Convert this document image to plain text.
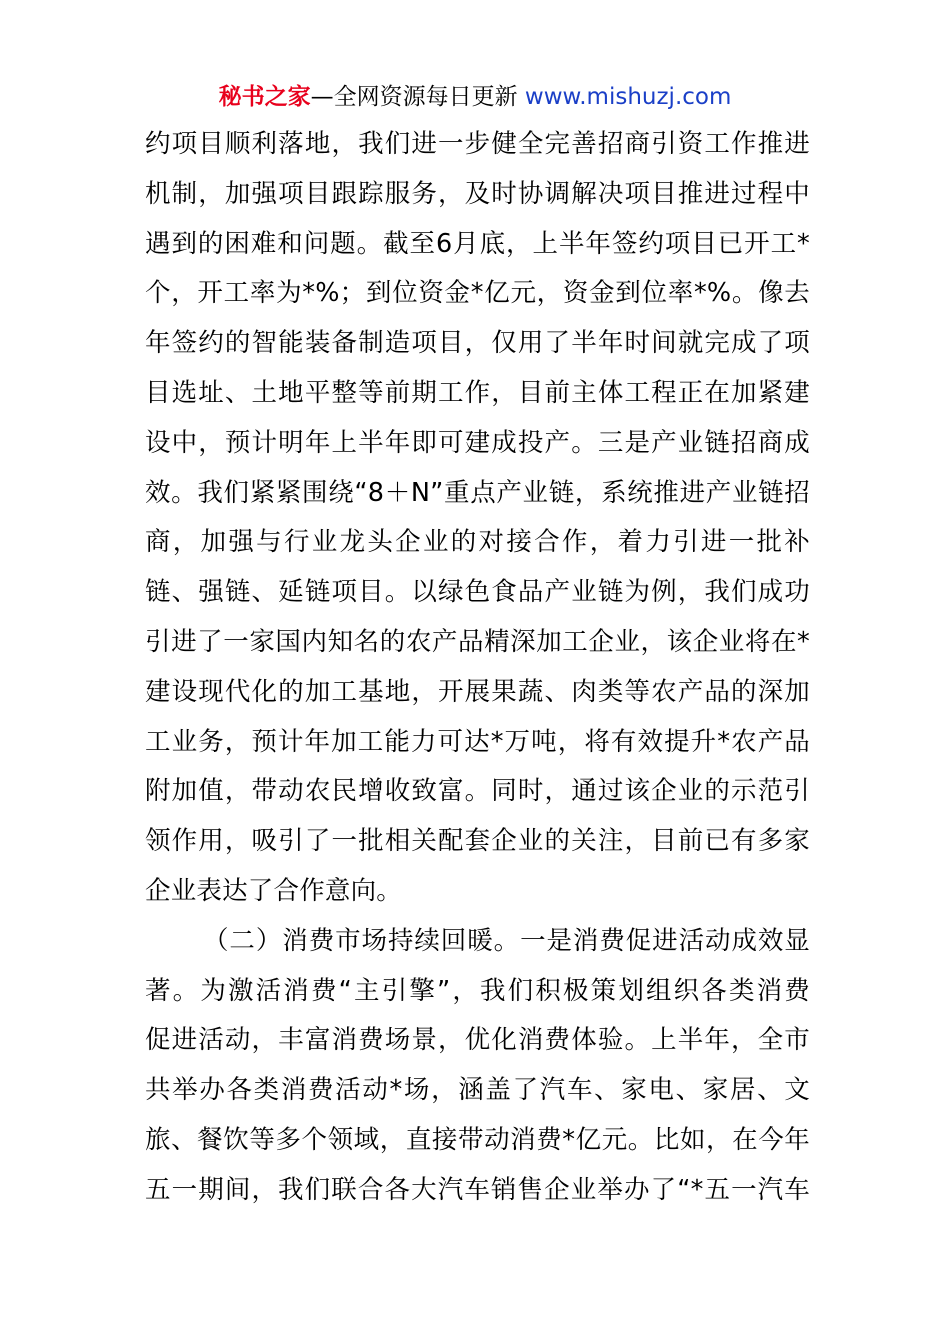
秘书之家—全网资源每日更新 www.mishuzj.com
约项目顺利落地，我们进一步健全完善招商引资工作推进
机制，加强项目跟踪服务，及时协调解决项目推进过程中
遇到的困难和问题。截至6月底，上半年签约项目已开工*
个，开工率为*%；到位资金*亿元，资金到位率*%。像去
年签约的智能装备制造项目，仅用了半年时间就完成了项
目选址、土地平整等前期工作，目前主体工程正在加紧建
设中，预计明年上半年即可建成投产。三是产业链招商成
效。我们紧紧围绕“8＋N”重点产业链，系统推进产业链招
商，加强与行业龙头企业的对接合作，着力引进一批补
链、强链、延链项目。以绿色食品产业链为例，我们成功
引进了一家国内知名的农产品精深加工企业，该企业将在*
建设现代化的加工基地，开展果蔬、肉类等农产品的深加
工业务，预计年加工能力可达*万吨，将有效提升*农产品
附加值，带动农民增收致富。同时，通过该企业的示范引
领作用，吸引了一批相关配套企业的关注，目前已有多家
企业表达了合作意向。
（二）消费市场持续回暖。一是消费促进活动成效显
著。为激活消费“主引擎”，我们积极策划组织各类消费
促进活动，丰富消费场景，优化消费体验。上半年，全市
共举办各类消费活动*场，涵盖了汽车、家电、家居、文
旅、餐饮等多个领域，直接带动消费*亿元。比如，在今年
五一期间，我们联合各大汽车销售企业举办了“*五一汽车
